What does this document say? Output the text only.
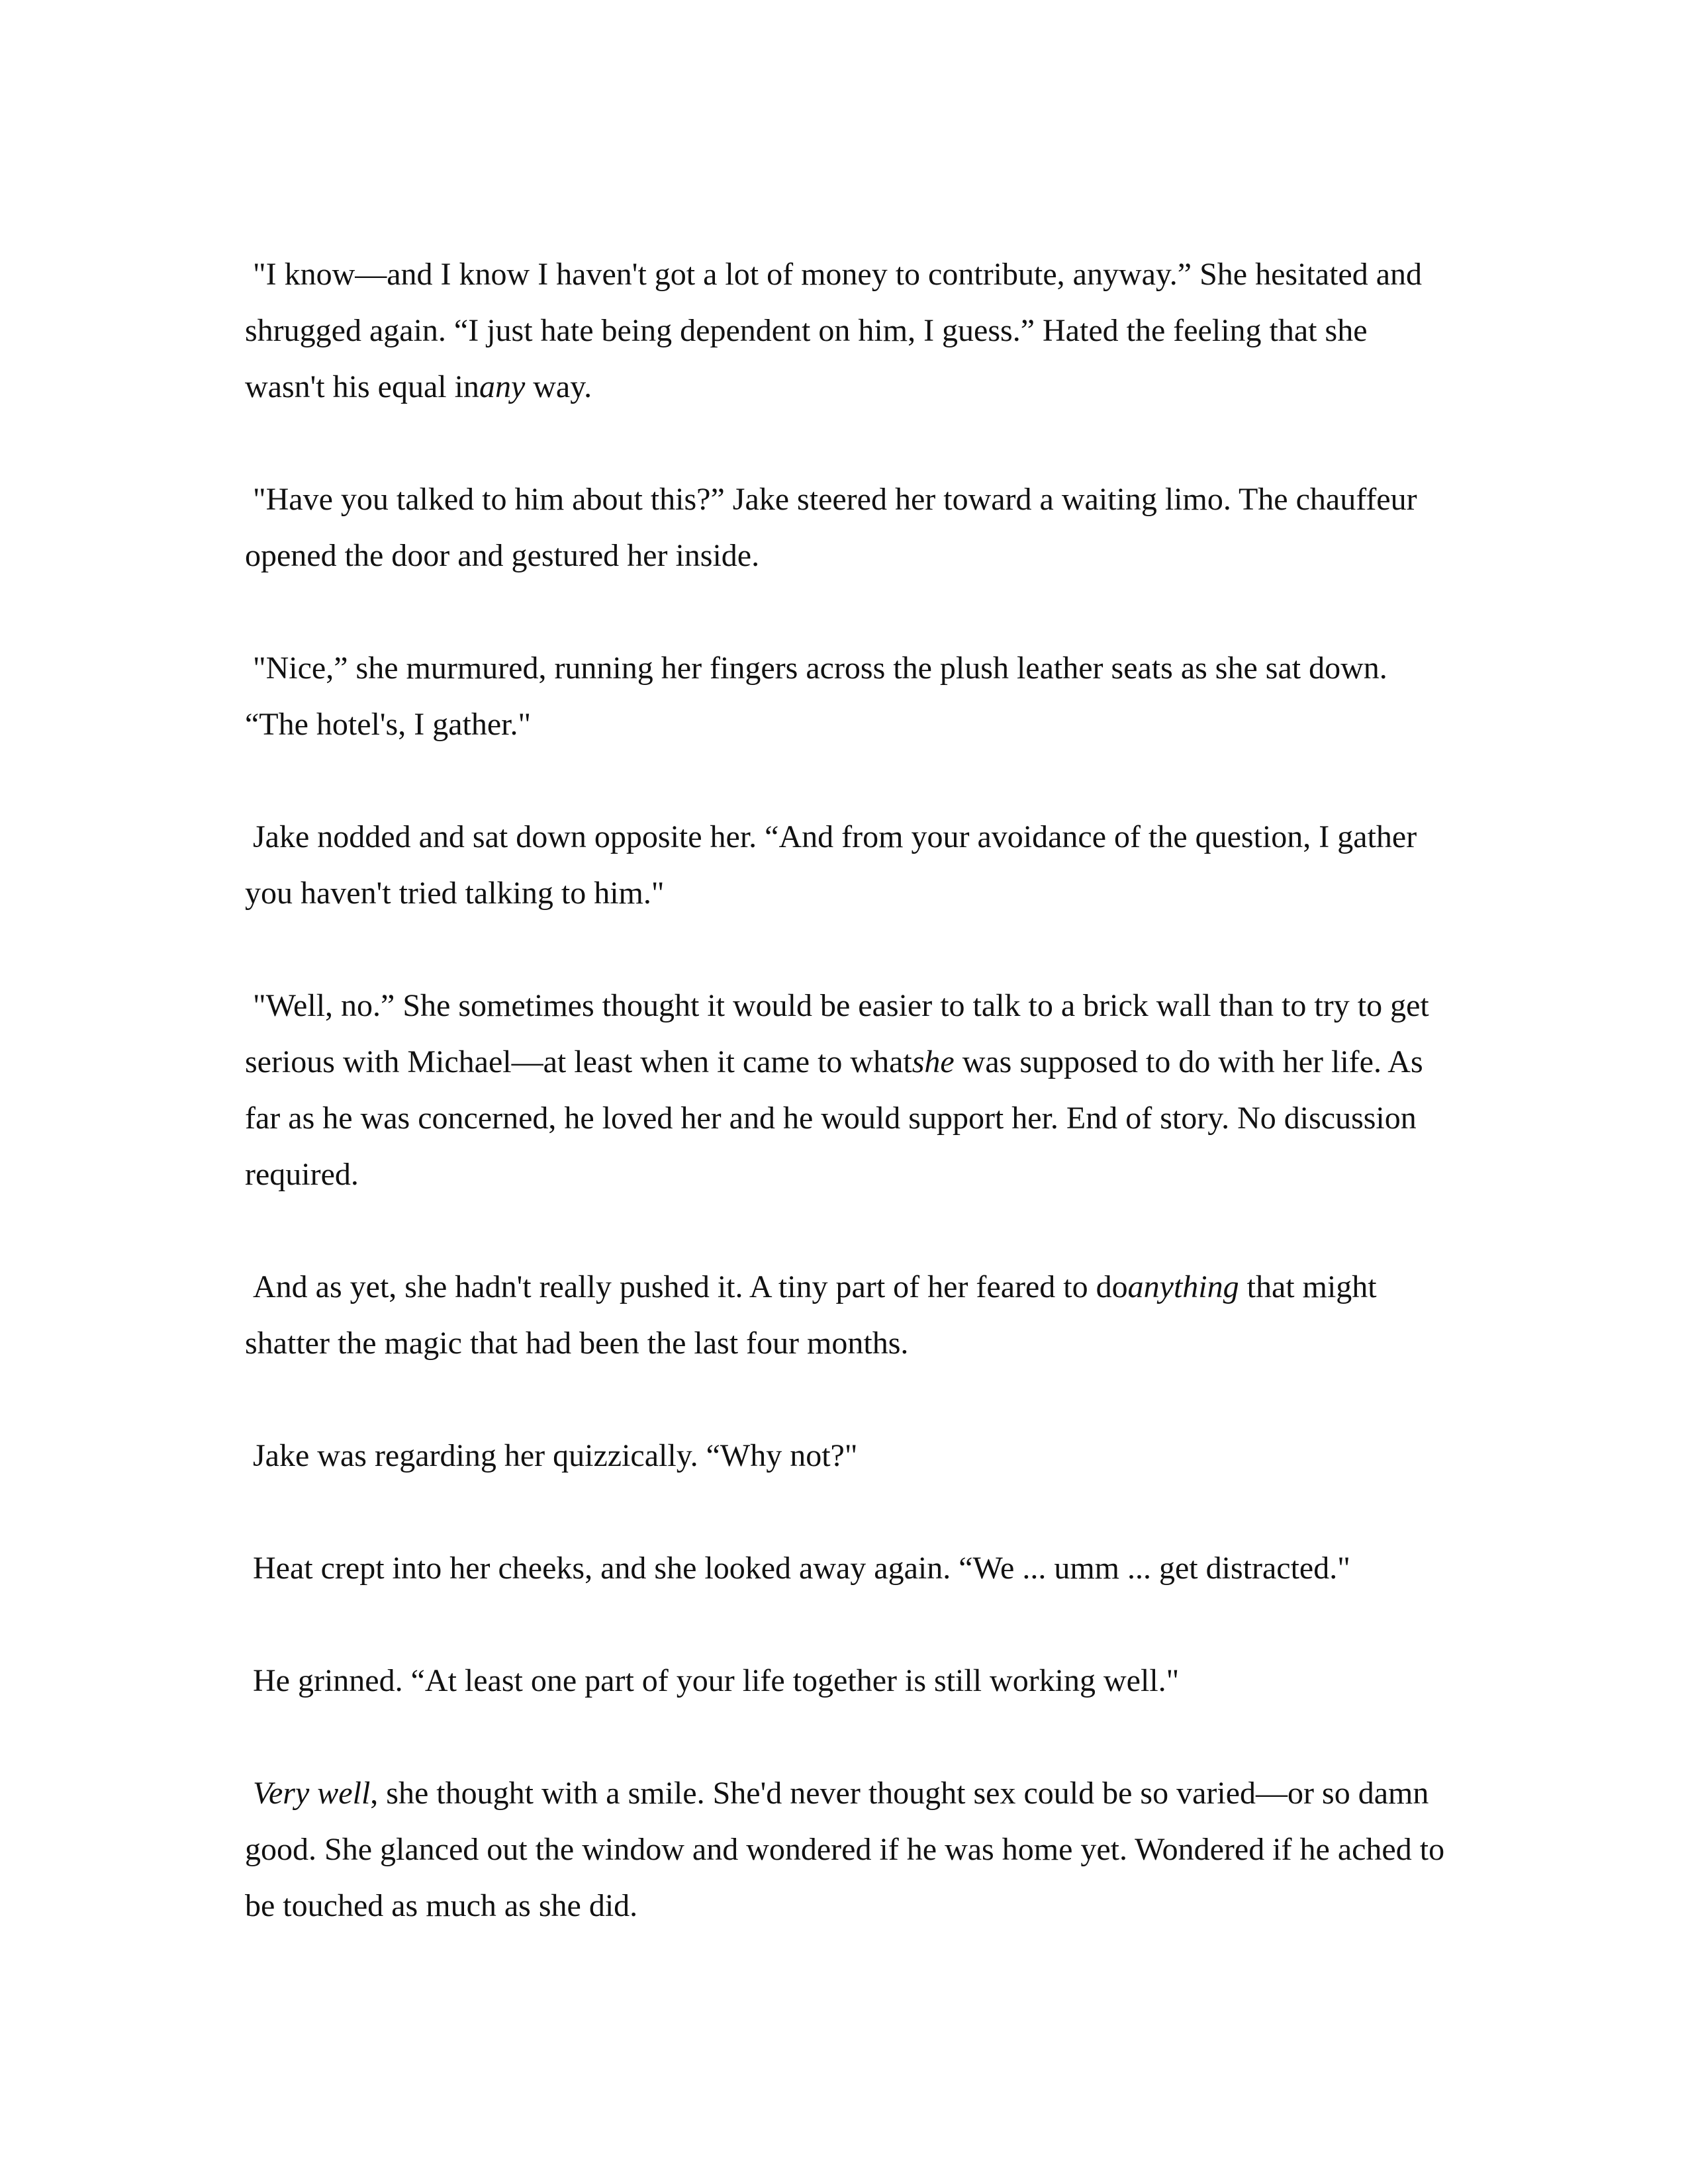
"I know—and I know I haven't got a lot of money to contribute, anyway.” She hesitated and shrugged again. “I just hate being dependent on him, I guess.” Hated the feeling that she wasn't his equal inany way.

"Have you talked to him about this?” Jake steered her toward a waiting limo. The chauffeur opened the door and gestured her inside.

"Nice,” she murmured, running her fingers across the plush leather seats as she sat down. “The hotel's, I gather."

Jake nodded and sat down opposite her. “And from your avoidance of the question, I gather you haven't tried talking to him."

"Well, no.” She sometimes thought it would be easier to talk to a brick wall than to try to get serious with Michael—at least when it came to whatshe was supposed to do with her life. As far as he was concerned, he loved her and he would support her. End of story. No discussion required.

And as yet, she hadn't really pushed it. A tiny part of her feared to doanything that might shatter the magic that had been the last four months.

Jake was regarding her quizzically. “Why not?"

Heat crept into her cheeks, and she looked away again. “We ... umm ... get distracted."

He grinned. “At least one part of your life together is still working well."

Very well, she thought with a smile. She'd never thought sex could be so varied—or so damn good. She glanced out the window and wondered if he was home yet. Wondered if he ached to be touched as much as she did.
